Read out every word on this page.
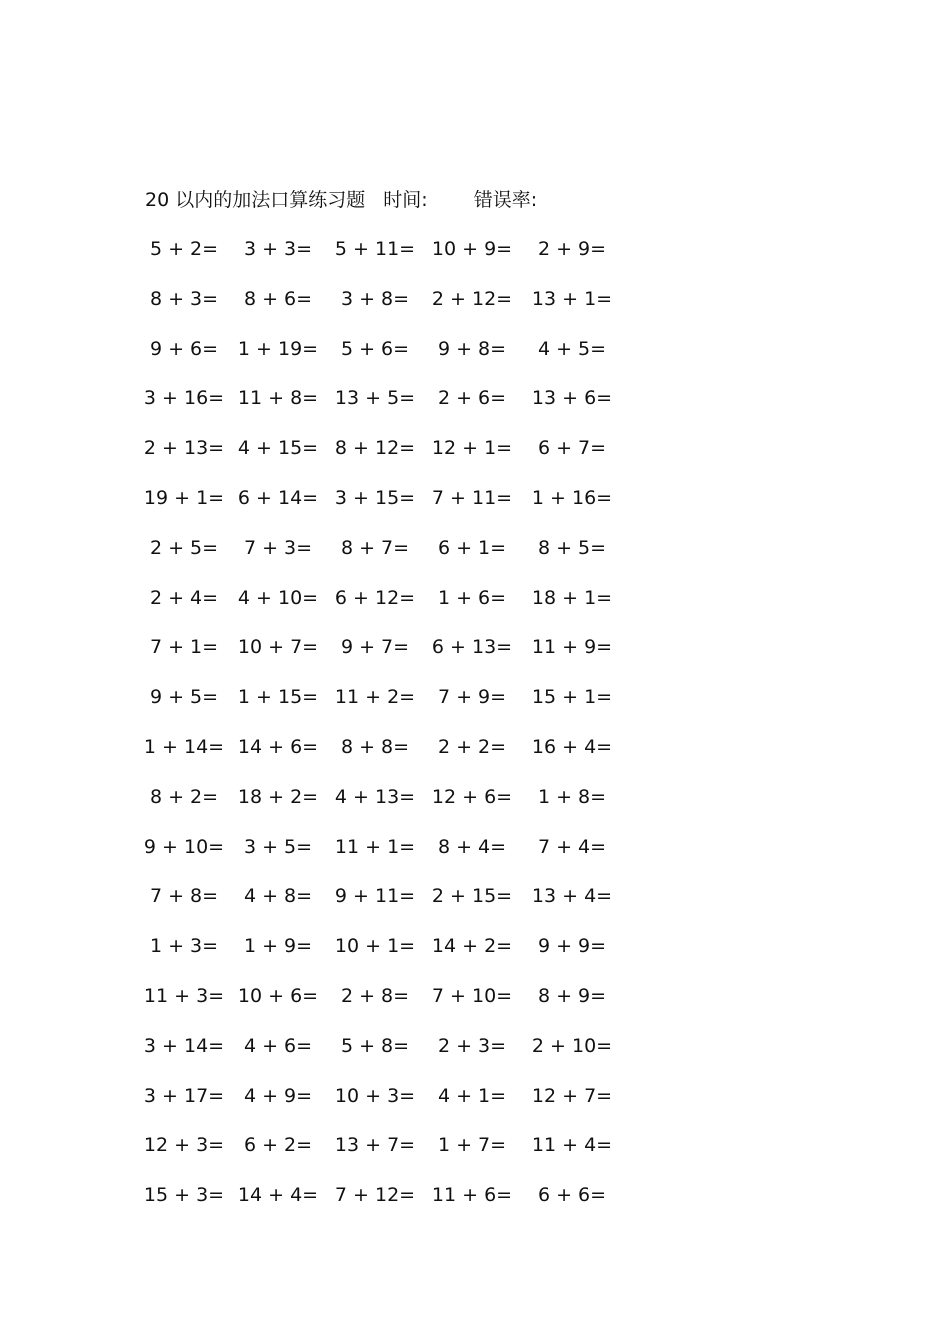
20 以内的加法口算练习题 时间: 错误率:
5 + 2= 3 + 3= 5 + 11= 10 + 9= 2 + 9=
8 + 3= 8 + 6= 3 + 8= 2 + 12= 13 + 1=
9 + 6= 1 + 19= 5 + 6= 9 + 8= 4 + 5=
3 + 16= 11 + 8= 13 + 5= 2 + 6= 13 + 6=
2 + 13= 4 + 15= 8 + 12= 12 + 1= 6 + 7=
19 + 1= 6 + 14= 3 + 15= 7 + 11= 1 + 16=
2 + 5= 7 + 3= 8 + 7= 6 + 1= 8 + 5=
2 + 4= 4 + 10= 6 + 12= 1 + 6= 18 + 1=
7 + 1= 10 + 7= 9 + 7= 6 + 13= 11 + 9=
9 + 5= 1 + 15= 11 + 2= 7 + 9= 15 + 1=
1 + 14= 14 + 6= 8 + 8= 2 + 2= 16 + 4=
8 + 2= 18 + 2= 4 + 13= 12 + 6= 1 + 8=
9 + 10= 3 + 5= 11 + 1= 8 + 4= 7 + 4=
7 + 8= 4 + 8= 9 + 11= 2 + 15= 13 + 4=
1 + 3= 1 + 9= 10 + 1= 14 + 2= 9 + 9=
11 + 3= 10 + 6= 2 + 8= 7 + 10= 8 + 9=
3 + 14= 4 + 6= 5 + 8= 2 + 3= 2 + 10=
3 + 17= 4 + 9= 10 + 3= 4 + 1= 12 + 7=
12 + 3= 6 + 2= 13 + 7= 1 + 7= 11 + 4=
15 + 3= 14 + 4= 7 + 12= 11 + 6= 6 + 6=
